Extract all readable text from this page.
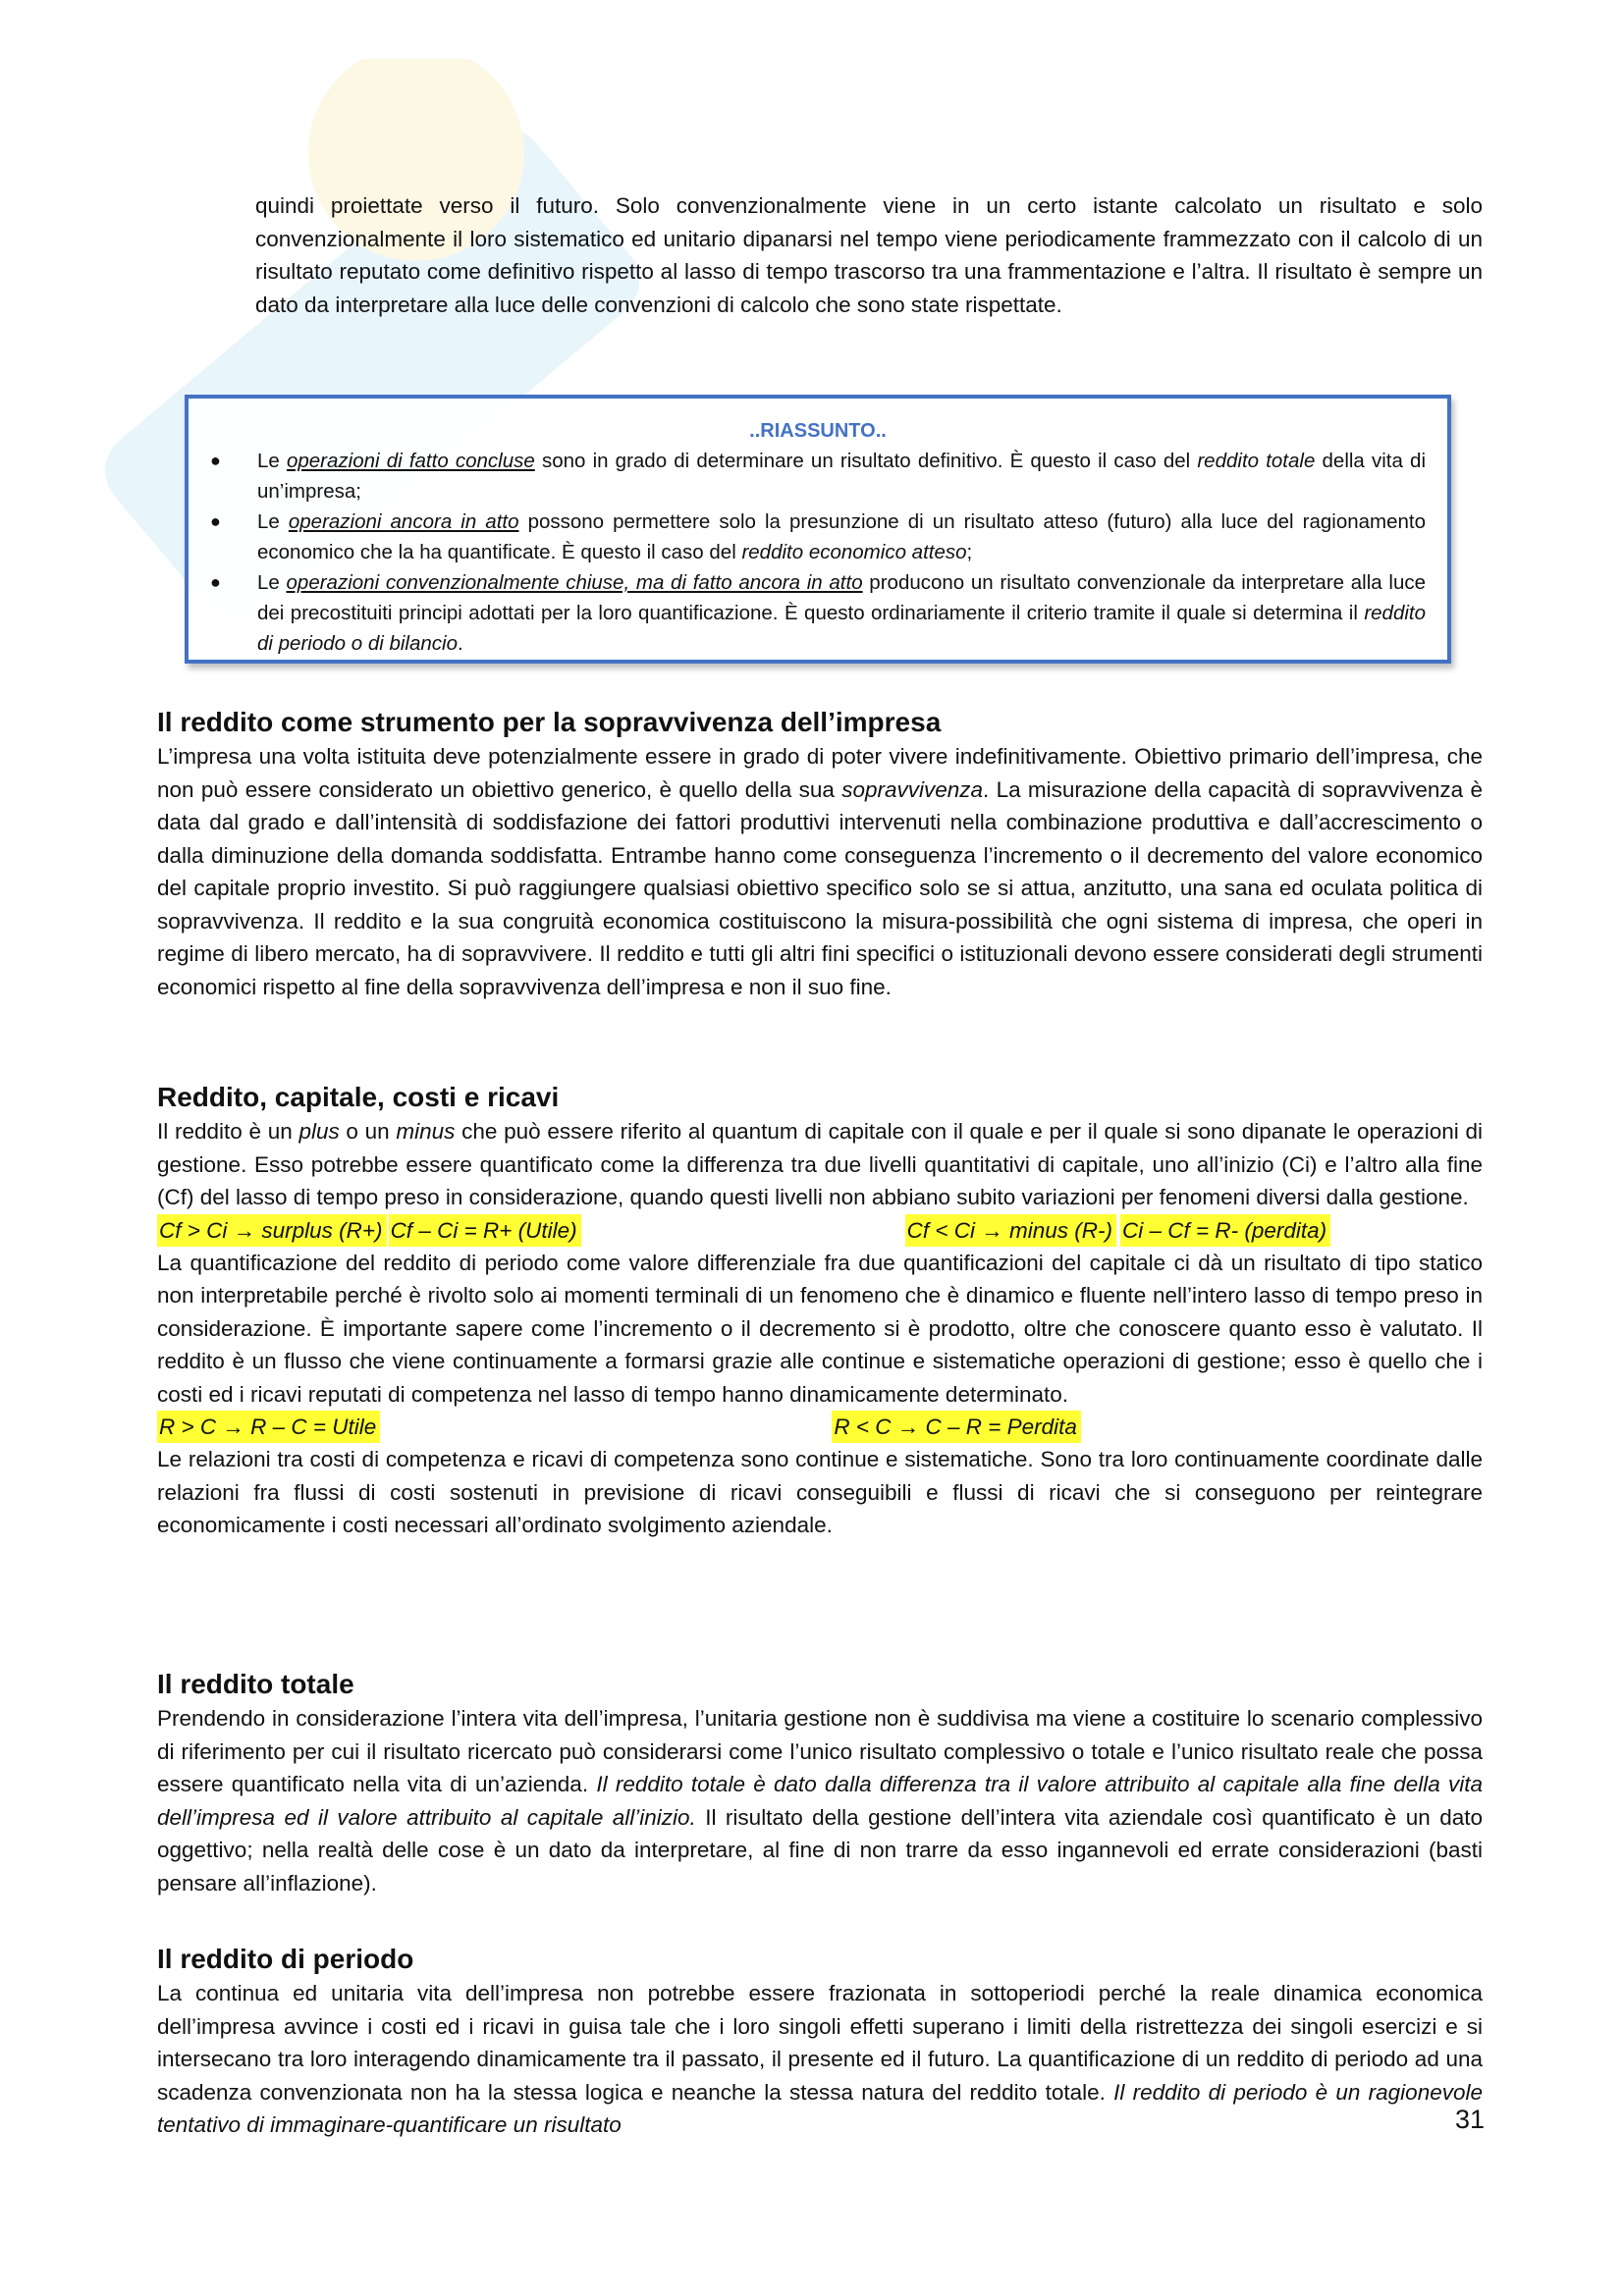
quindi proiettate verso il futuro. Solo convenzionalmente viene in un certo istante calcolato un risultato e solo convenzionalmente il loro sistematico ed unitario dipanarsi nel tempo viene periodicamente frammezzato con il calcolo di un risultato reputato come definitivo rispetto al lasso di tempo trascorso tra una frammentazione e l’altra. Il risultato è sempre un dato da interpretare alla luce delle convenzioni di calcolo che sono state rispettate.

..RIASSUNTO..
● Le operazioni di fatto concluse sono in grado di determinare un risultato definitivo. È questo il caso del reddito totale della vita di un’impresa;
● Le operazioni ancora in atto possono permettere solo la presunzione di un risultato atteso (futuro) alla luce del ragionamento economico che la ha quantificate. È questo il caso del reddito economico atteso;
● Le operazioni convenzionalmente chiuse, ma di fatto ancora in atto producono un risultato convenzionale da interpretare alla luce dei precostituiti principi adottati per la loro quantificazione. È questo ordinariamente il criterio tramite il quale si determina il reddito di periodo o di bilancio.
Il reddito come strumento per la sopravvivenza dell’impresa

L’impresa una volta istituita deve potenzialmente essere in grado di poter vivere indefinitivamente. Obiettivo primario dell’impresa, che non può essere considerato un obiettivo generico, è quello della sua sopravvivenza. La misurazione della capacità di sopravvivenza è data dal grado e dall’intensità di soddisfazione dei fattori produttivi intervenuti nella combinazione produttiva e dall’accrescimento o dalla diminuzione della domanda soddisfatta. Entrambe hanno come conseguenza l’incremento o il decremento del valore economico del capitale proprio investito. Si può raggiungere qualsiasi obiettivo specifico solo se si attua, anzitutto, una sana ed oculata politica di sopravvivenza. Il reddito e la sua congruità economica costituiscono la misura-possibilità che ogni sistema di impresa, che operi in regime di libero mercato, ha di sopravvivere. Il reddito e tutti gli altri fini specifici o istituzionali devono essere considerati degli strumenti economici rispetto al fine della sopravvivenza dell’impresa e non il suo fine.

Reddito, capitale, costi e ricavi

Il reddito è un plus o un minus che può essere riferito al quantum di capitale con il quale e per il quale si sono dipanate le operazioni di gestione. Esso potrebbe essere quantificato come la differenza tra due livelli quantitativi di capitale, uno all’inizio (Ci) e l’altro alla fine (Cf) del lasso di tempo preso in considerazione, quando questi livelli non abbiano subito variazioni per fenomeni diversi dalla gestione.

Cf > Ci → surplus (R+) Cf – Ci = R+ (Utile)	Cf < Ci → minus (R-) Ci – Cf = R- (perdita)

La quantificazione del reddito di periodo come valore differenziale fra due quantificazioni del capitale ci dà un risultato di tipo statico non interpretabile perché è rivolto solo ai momenti terminali di un fenomeno che è dinamico e fluente nell’intero lasso di tempo preso in considerazione. È importante sapere come l’incremento o il decremento si è prodotto, oltre che conoscere quanto esso è valutato. Il reddito è un flusso che viene continuamente a formarsi grazie alle continue e sistematiche operazioni di gestione; esso è quello che i costi ed i ricavi reputati di competenza nel lasso di tempo hanno dinamicamente determinato.

R > C → R – C = Utile	R < C → C – R = Perdita

Le relazioni tra costi di competenza e ricavi di competenza sono continue e sistematiche. Sono tra loro continuamente coordinate dalle relazioni fra flussi di costi sostenuti in previsione di ricavi conseguibili e flussi di ricavi che si conseguono per reintegrare economicamente i costi necessari all’ordinato svolgimento aziendale.

Il reddito totale

Prendendo in considerazione l’intera vita dell’impresa, l’unitaria gestione non è suddivisa ma viene a costituire lo scenario complessivo di riferimento per cui il risultato ricercato può considerarsi come l’unico risultato complessivo o totale e l’unico risultato reale che possa essere quantificato nella vita di un’azienda. Il reddito totale è dato dalla differenza tra il valore attribuito al capitale alla fine della vita dell’impresa ed il valore attribuito al capitale all’inizio. Il risultato della gestione dell’intera vita aziendale così quantificato è un dato oggettivo; nella realtà delle cose è un dato da interpretare, al fine di non trarre da esso ingannevoli ed errate considerazioni (basti pensare all’inflazione).

Il reddito di periodo

La continua ed unitaria vita dell’impresa non potrebbe essere frazionata in sottoperiodi perché la reale dinamica economica dell’impresa avvince i costi ed i ricavi in guisa tale che i loro singoli effetti superano i limiti della ristrettezza dei singoli esercizi e si intersecano tra loro interagendo dinamicamente tra il passato, il presente ed il futuro. La quantificazione di un reddito di periodo ad una scadenza convenzionata non ha la stessa logica e neanche la stessa natura del reddito totale. Il reddito di periodo è un ragionevole tentativo di immaginare-quantificare un risultato	31
